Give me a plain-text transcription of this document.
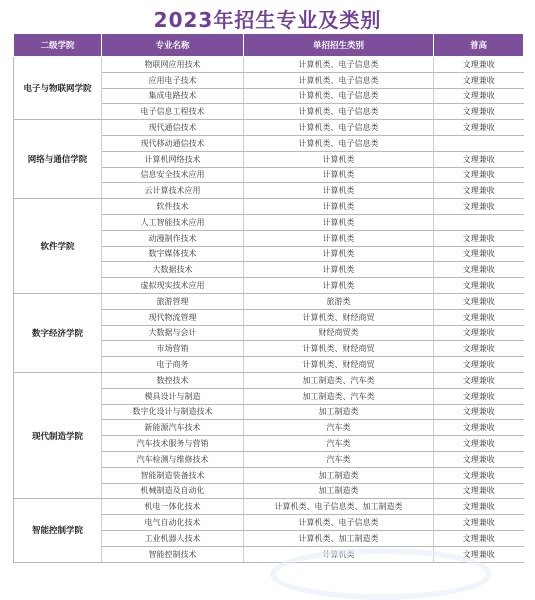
2023年招生专业及类别
二级学院	专业名称	单招招生类别	普高
电子与物联网学院	物联网应用技术	计算机类、电子信息类	文理兼收
	应用电子技术	计算机类、电子信息类	文理兼收
	集成电路技术	计算机类、电子信息类	文理兼收
	电子信息工程技术	计算机类、电子信息类	文理兼收
网络与通信学院	现代通信技术	计算机类、电子信息类	文理兼收
	现代移动通信技术	计算机类、电子信息类	
	计算机网络技术	计算机类	文理兼收
	信息安全技术应用	计算机类	文理兼收
	云计算技术应用	计算机类	文理兼收
软件学院	软件技术	计算机类	文理兼收
	人工智能技术应用	计算机类	
	动漫制作技术	计算机类	文理兼收
	数字媒体技术	计算机类	文理兼收
	大数据技术	计算机类	文理兼收
	虚拟现实技术应用	计算机类	文理兼收
数字经济学院	旅游管理	旅游类	文理兼收
	现代物流管理	计算机类、财经商贸	文理兼收
	大数据与会计	财经商贸类	文理兼收
	市场营销	计算机类、财经商贸	文理兼收
	电子商务	计算机类、财经商贸	文理兼收
现代制造学院	数控技术	加工制造类、汽车类	文理兼收
	模具设计与制造	加工制造类、汽车类	文理兼收
	数字化设计与制造技术	加工制造类	文理兼收
	新能源汽车技术	汽车类	文理兼收
	汽车技术服务与营销	汽车类	文理兼收
	汽车检测与维修技术	汽车类	文理兼收
	智能制造装备技术	加工制造类	文理兼收
	机械制造及自动化	加工制造类	文理兼收
智能控制学院	机电一体化技术	计算机类、电子信息类、加工制造类	文理兼收
	电气自动化技术	计算机类、电子信息类	文理兼收
	工业机器人技术	计算机类、加工制造类	文理兼收
	智能控制技术	计算机类	文理兼收
